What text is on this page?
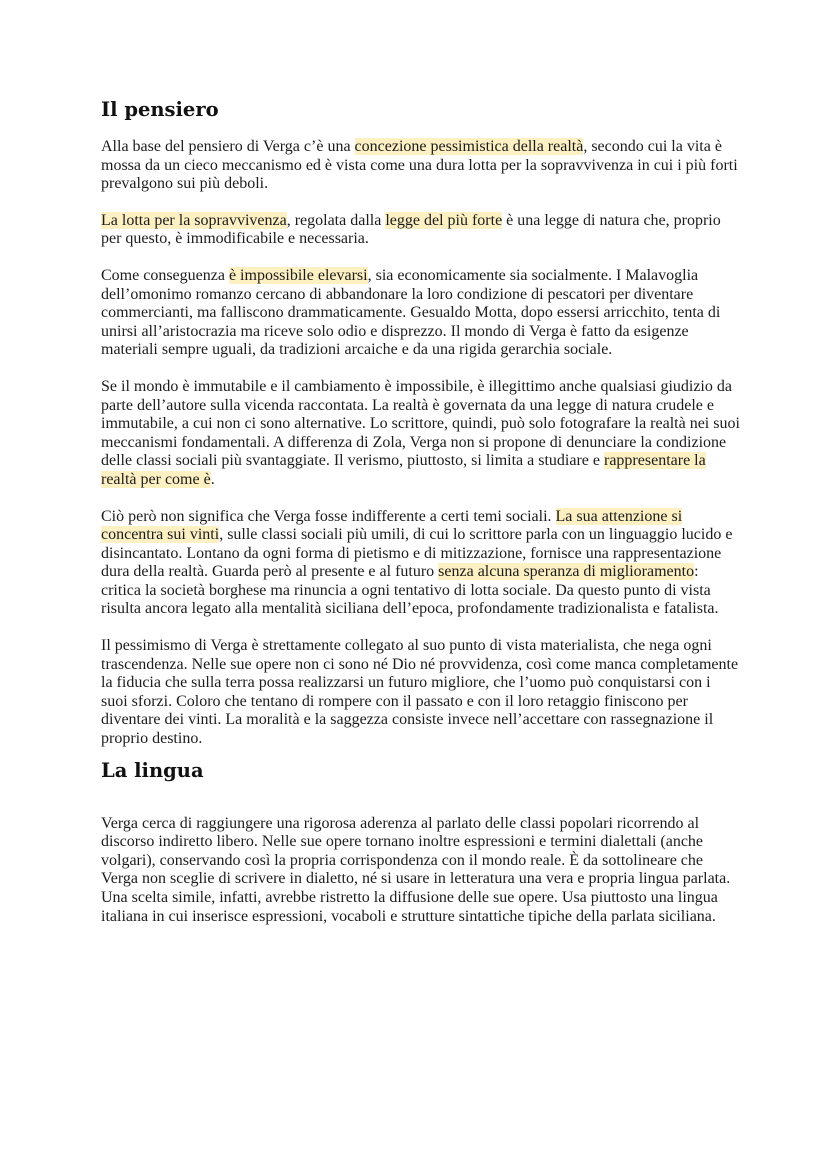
Il pensiero

Alla base del pensiero di Verga c’è una concezione pessimistica della realtà, secondo cui la vita è mossa da un cieco meccanismo ed è vista come una dura lotta per la sopravvivenza in cui i più forti prevalgono sui più deboli.

La lotta per la sopravvivenza, regolata dalla legge del più forte è una legge di natura che, proprio per questo, è immodificabile e necessaria.

Come conseguenza è impossibile elevarsi, sia economicamente sia socialmente. I Malavoglia dell’omonimo romanzo cercano di abbandonare la loro condizione di pescatori per diventare commercianti, ma falliscono drammaticamente. Gesualdo Motta, dopo essersi arricchito, tenta di unirsi all’aristocrazia ma riceve solo odio e disprezzo. Il mondo di Verga è fatto da esigenze materiali sempre uguali, da tradizioni arcaiche e da una rigida gerarchia sociale.

Se il mondo è immutabile e il cambiamento è impossibile, è illegittimo anche qualsiasi giudizio da parte dell’autore sulla vicenda raccontata. La realtà è governata da una legge di natura crudele e immutabile, a cui non ci sono alternative. Lo scrittore, quindi, può solo fotografare la realtà nei suoi meccanismi fondamentali. A differenza di Zola, Verga non si propone di denunciare la condizione delle classi sociali più svantaggiate. Il verismo, piuttosto, si limita a studiare e rappresentare la realtà per come è.

Ciò però non significa che Verga fosse indifferente a certi temi sociali. La sua attenzione si concentra sui vinti, sulle classi sociali più umili, di cui lo scrittore parla con un linguaggio lucido e disincantato. Lontano da ogni forma di pietismo e di mitizzazione, fornisce una rappresentazione dura della realtà. Guarda però al presente e al futuro senza alcuna speranza di miglioramento: critica la società borghese ma rinuncia a ogni tentativo di lotta sociale. Da questo punto di vista risulta ancora legato alla mentalità siciliana dell’epoca, profondamente tradizionalista e fatalista.

Il pessimismo di Verga è strettamente collegato al suo punto di vista materialista, che nega ogni trascendenza. Nelle sue opere non ci sono né Dio né provvidenza, così come manca completamente la fiducia che sulla terra possa realizzarsi un futuro migliore, che l’uomo può conquistarsi con i suoi sforzi. Coloro che tentano di rompere con il passato e con il loro retaggio finiscono per diventare dei vinti. La moralità e la saggezza consiste invece nell’accettare con rassegnazione il proprio destino.

La lingua

Verga cerca di raggiungere una rigorosa aderenza al parlato delle classi popolari ricorrendo al discorso indiretto libero. Nelle sue opere tornano inoltre espressioni e termini dialettali (anche volgari), conservando così la propria corrispondenza con il mondo reale. È da sottolineare che Verga non sceglie di scrivere in dialetto, né si usare in letteratura una vera e propria lingua parlata. Una scelta simile, infatti, avrebbe ristretto la diffusione delle sue opere. Usa piuttosto una lingua italiana in cui inserisce espressioni, vocaboli e strutture sintattiche tipiche della parlata siciliana.
